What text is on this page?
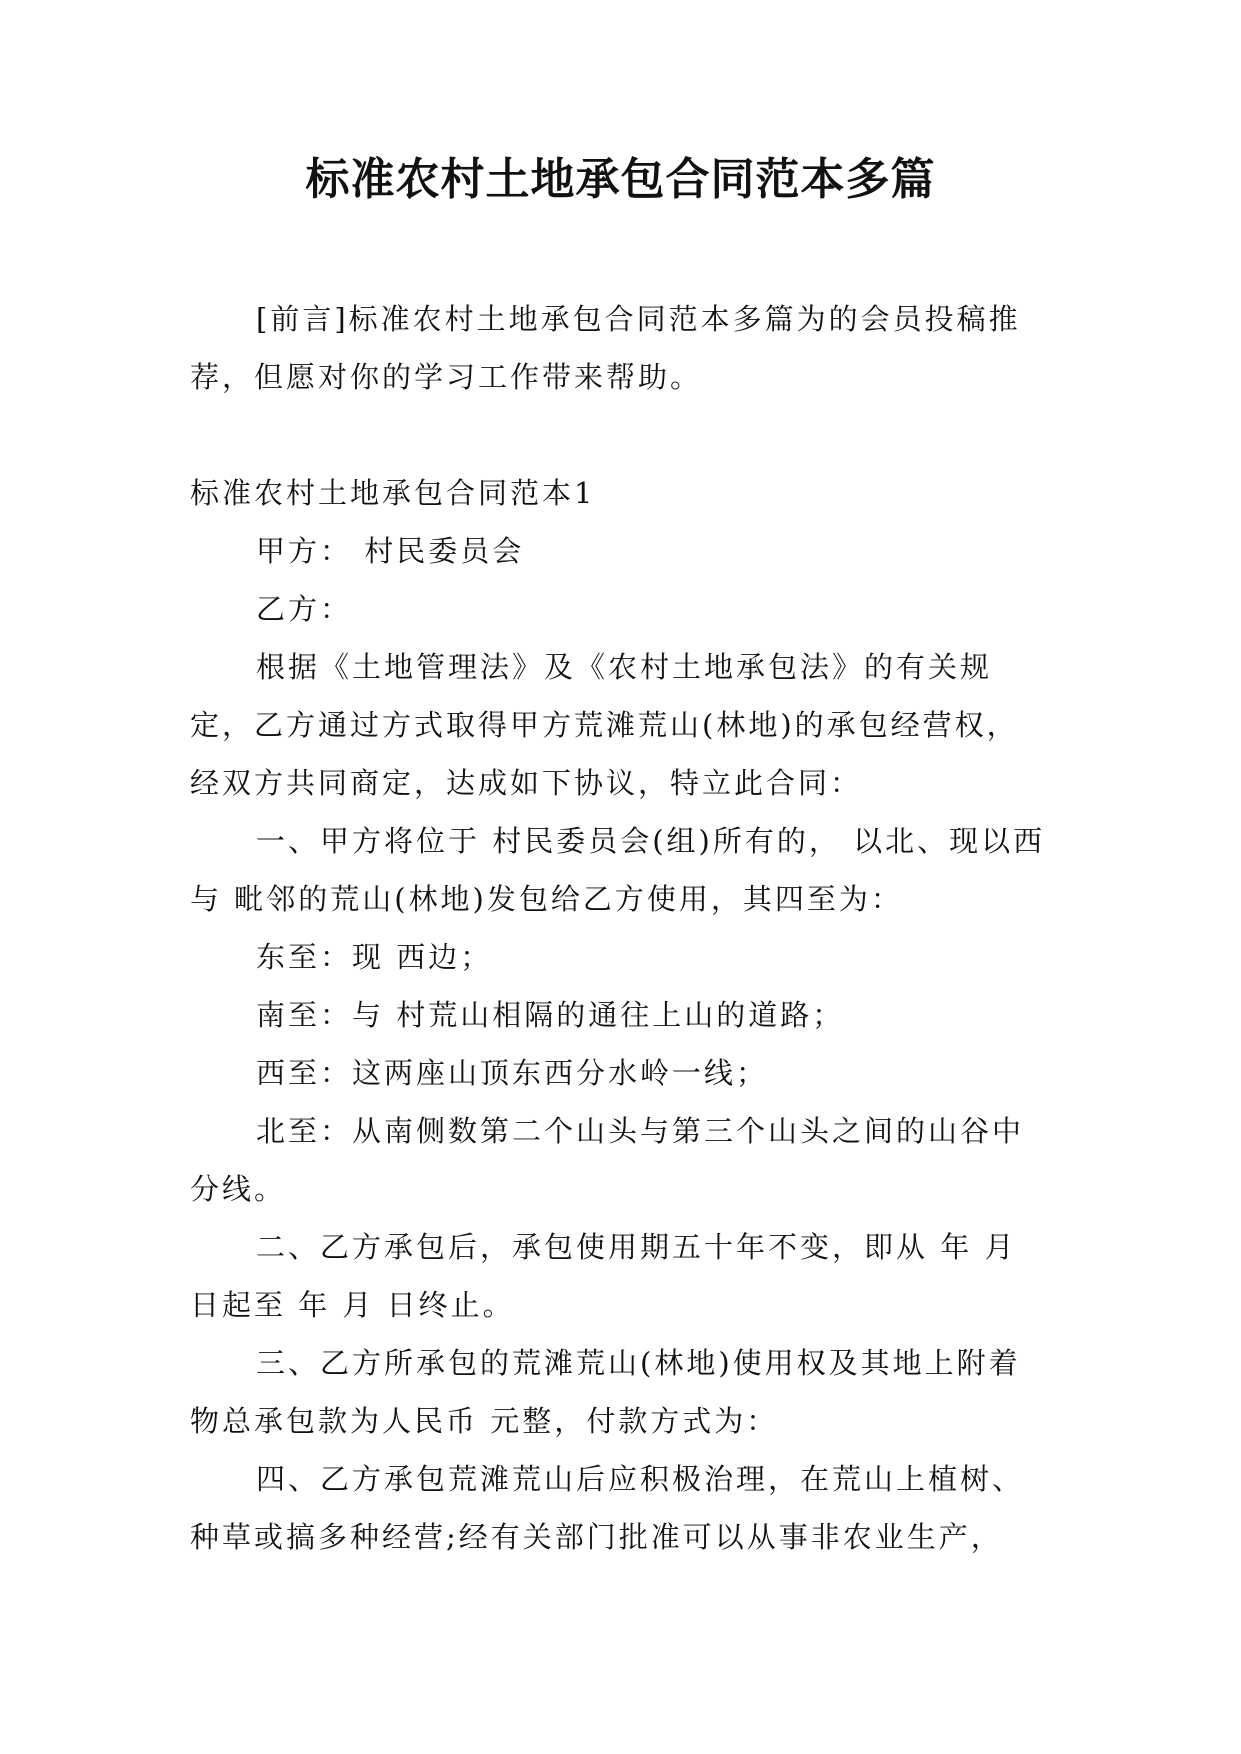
标准农村土地承包合同范本多篇

[前言]标准农村土地承包合同范本多篇为的会员投稿推荐，但愿对你的学习工作带来帮助。

标准农村土地承包合同范本1

甲方： 村民委员会

乙方：

根据《土地管理法》及《农村土地承包法》的有关规定，乙方通过方式取得甲方荒滩荒山(林地)的承包经营权，经双方共同商定，达成如下协议，特立此合同：

一、甲方将位于 村民委员会(组)所有的， 以北、现以西与 毗邻的荒山(林地)发包给乙方使用，其四至为：

东至：现 西边；

南至：与 村荒山相隔的通往上山的道路；

西至：这两座山顶东西分水岭一线；

北至：从南侧数第二个山头与第三个山头之间的山谷中分线。

二、乙方承包后，承包使用期五十年不变，即从 年 月 日起至 年 月 日终止。

三、乙方所承包的荒滩荒山(林地)使用权及其地上附着物总承包款为人民币 元整，付款方式为：

四、乙方承包荒滩荒山后应积极治理，在荒山上植树、种草或搞多种经营;经有关部门批准可以从事非农业生产，
